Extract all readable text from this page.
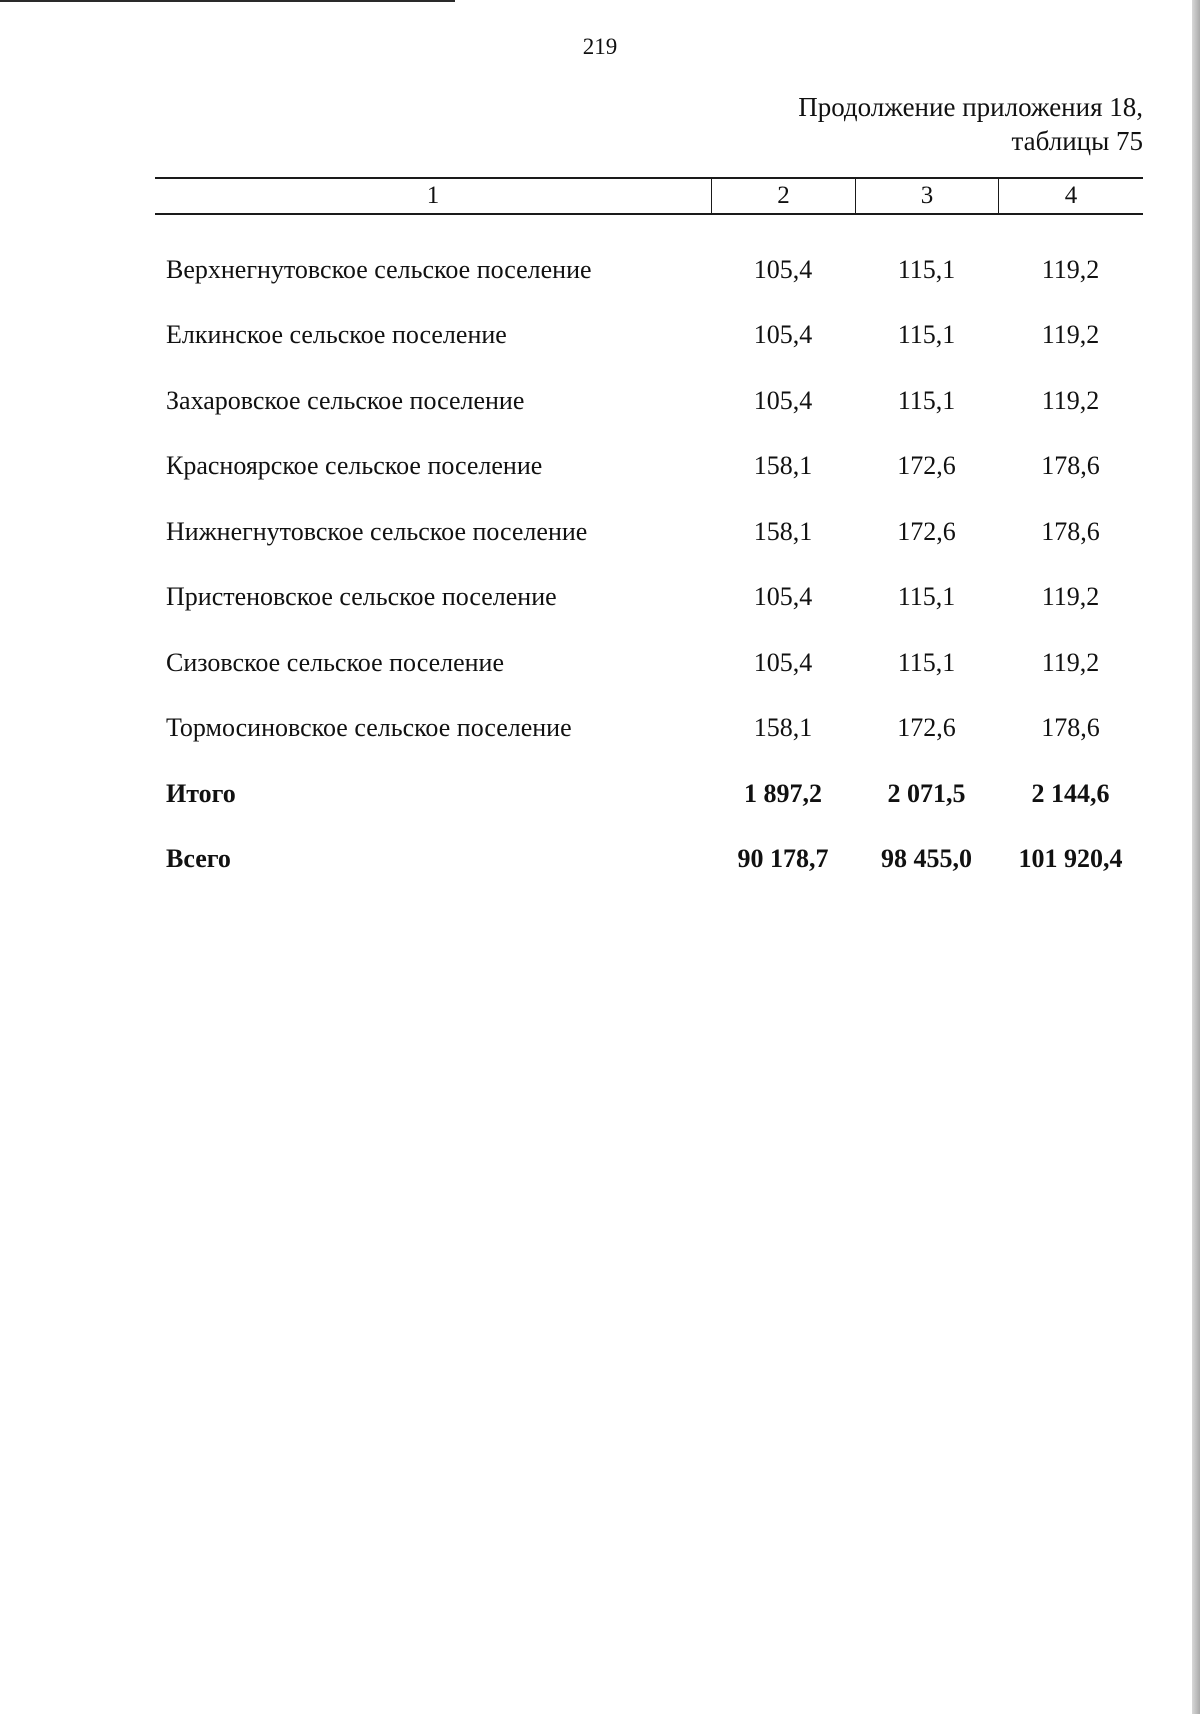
219
Продолжение приложения 18,
таблицы 75
1	2	3	4
Верхнегнутовское сельское поселение	105,4	115,1	119,2
Елкинское сельское поселение	105,4	115,1	119,2
Захаровское сельское поселение	105,4	115,1	119,2
Красноярское сельское поселение	158,1	172,6	178,6
Нижнегнутовское сельское поселение	158,1	172,6	178,6
Пристеновское сельское поселение	105,4	115,1	119,2
Сизовское сельское поселение	105,4	115,1	119,2
Тормосиновское сельское поселение	158,1	172,6	178,6
Итого	1 897,2	2 071,5	2 144,6
Всего	90 178,7	98 455,0	101 920,4
